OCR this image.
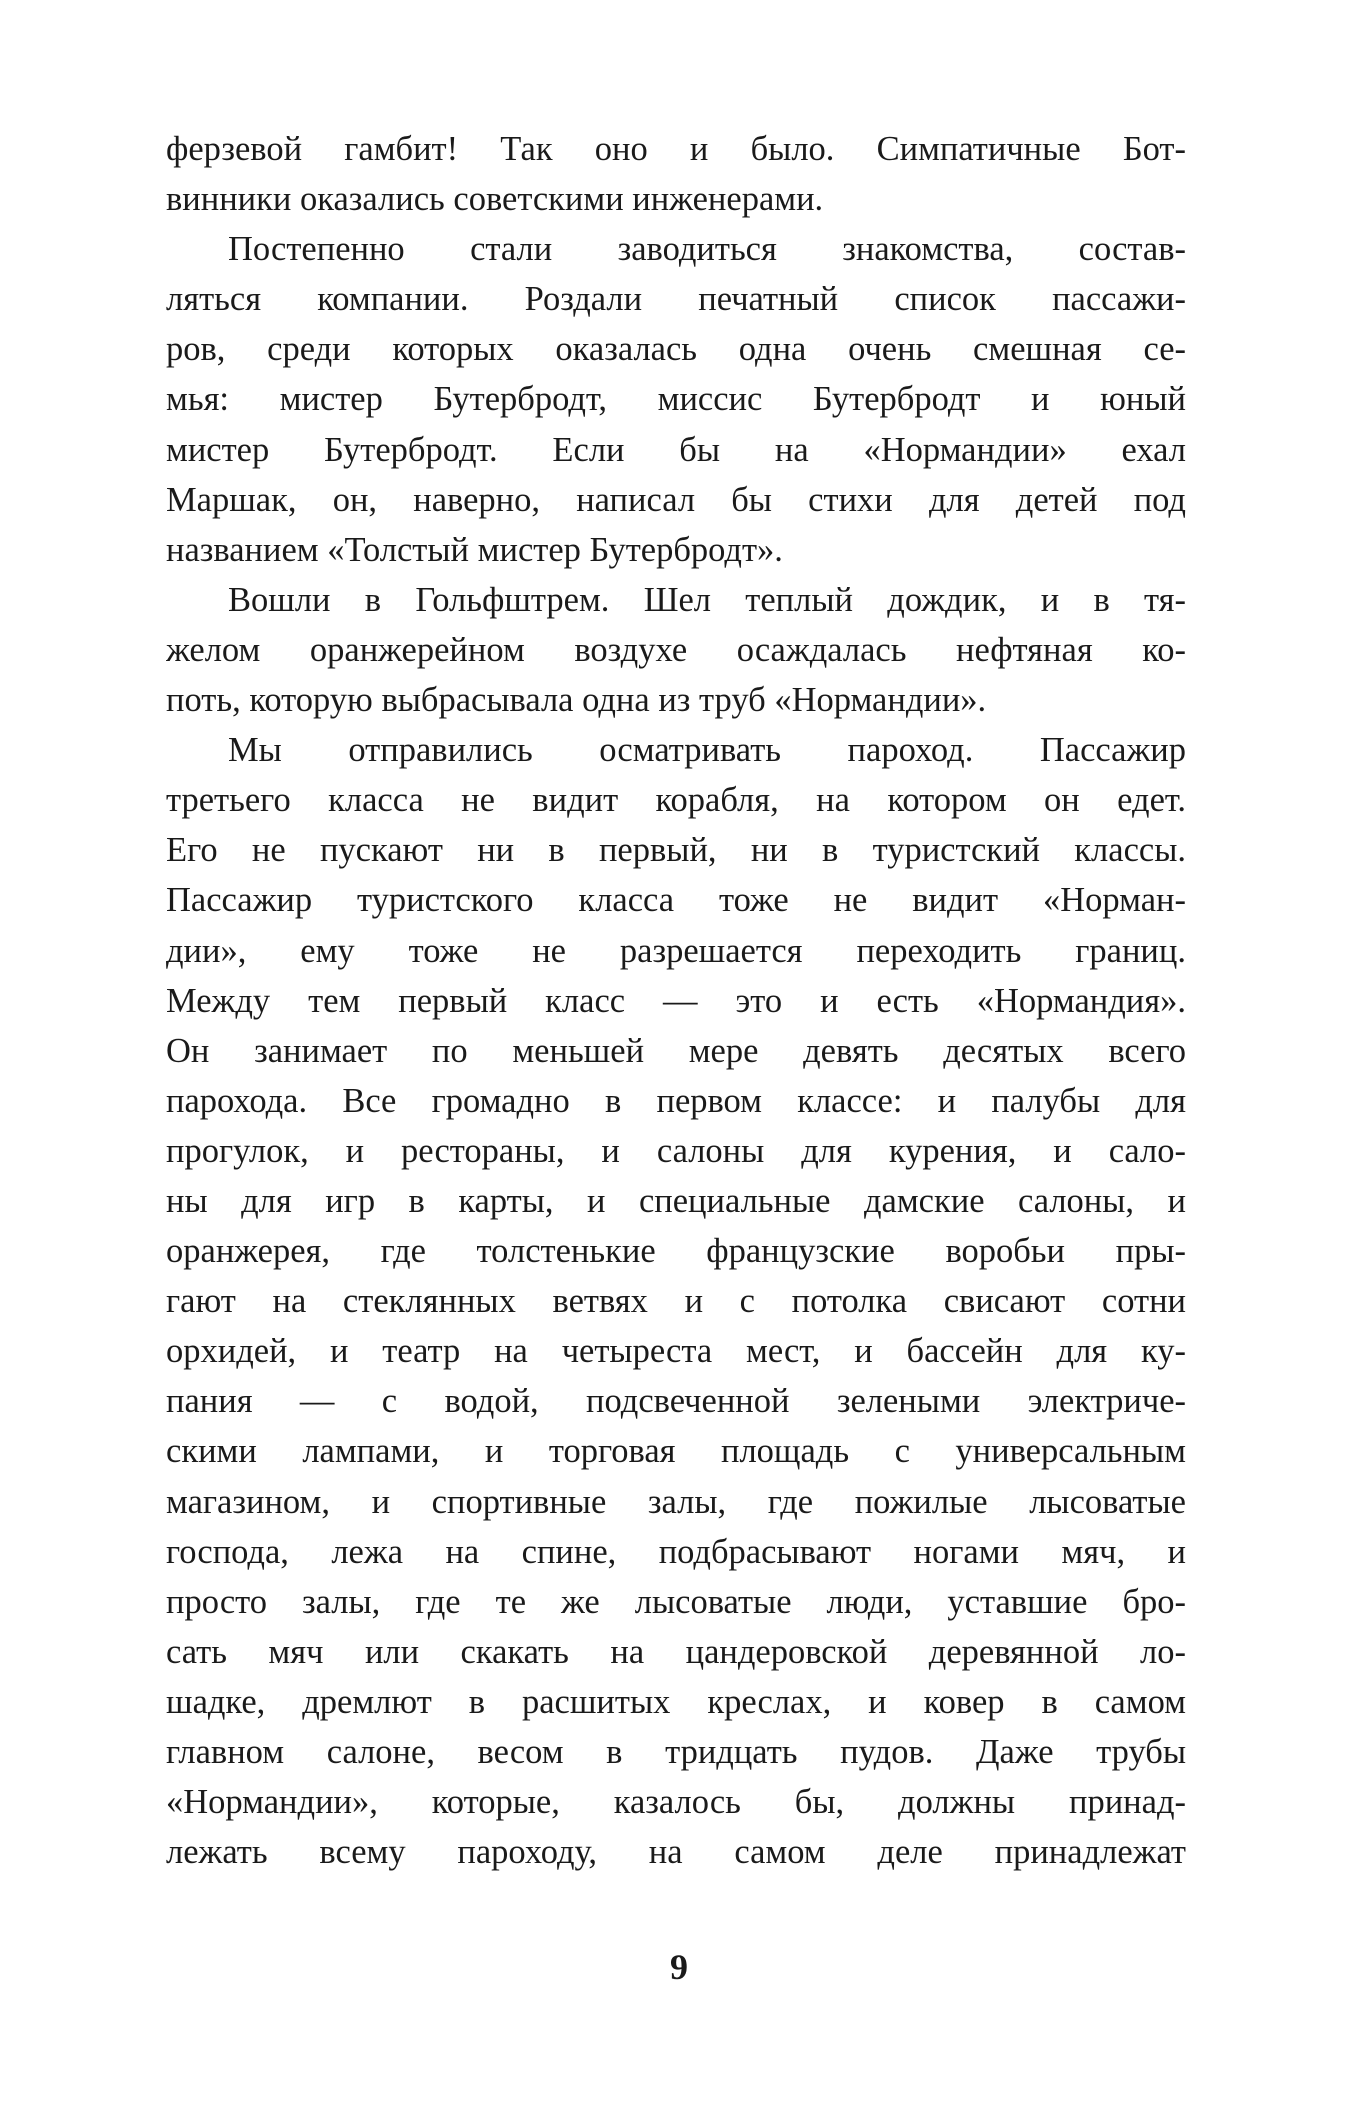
ферзевой гамбит! Так оно и было. Симпатичные Бот-
винники оказались советскими инженерами.
Постепенно стали заводиться знакомства, состав-
ляться компании. Роздали печатный список пассажи-
ров, среди которых оказалась одна очень смешная се-
мья: мистер Бутербродт, миссис Бутербродт и юный
мистер Бутербродт. Если бы на «Нормандии» ехал
Маршак, он, наверно, написал бы стихи для детей под
названием «Толстый мистер Бутербродт».
Вошли в Гольфштрем. Шел теплый дождик, и в тя-
желом оранжерейном воздухе осаждалась нефтяная ко-
поть, которую выбрасывала одна из труб «Нормандии».
Мы отправились осматривать пароход. Пассажир
третьего класса не видит корабля, на котором он едет.
Его не пускают ни в первый, ни в туристский классы.
Пассажир туристского класса тоже не видит «Норман-
дии», ему тоже не разрешается переходить границ.
Между тем первый класс — это и есть «Нормандия».
Он занимает по меньшей мере девять десятых всего
парохода. Все громадно в первом классе: и палубы для
прогулок, и рестораны, и салоны для курения, и сало-
ны для игр в карты, и специальные дамские салоны, и
оранжерея, где толстенькие французские воробьи пры-
гают на стеклянных ветвях и с потолка свисают сотни
орхидей, и театр на четыреста мест, и бассейн для ку-
пания — с водой, подсвеченной зелеными электриче-
скими лампами, и торговая площадь с универсальным
магазином, и спортивные залы, где пожилые лысоватые
господа, лежа на спине, подбрасывают ногами мяч, и
просто залы, где те же лысоватые люди, уставшие бро-
сать мяч или скакать на цандеровской деревянной ло-
шадке, дремлют в расшитых креслах, и ковер в самом
главном салоне, весом в тридцать пудов. Даже трубы
«Нормандии», которые, казалось бы, должны принад-
лежать всему пароходу, на самом деле принадлежат
9
